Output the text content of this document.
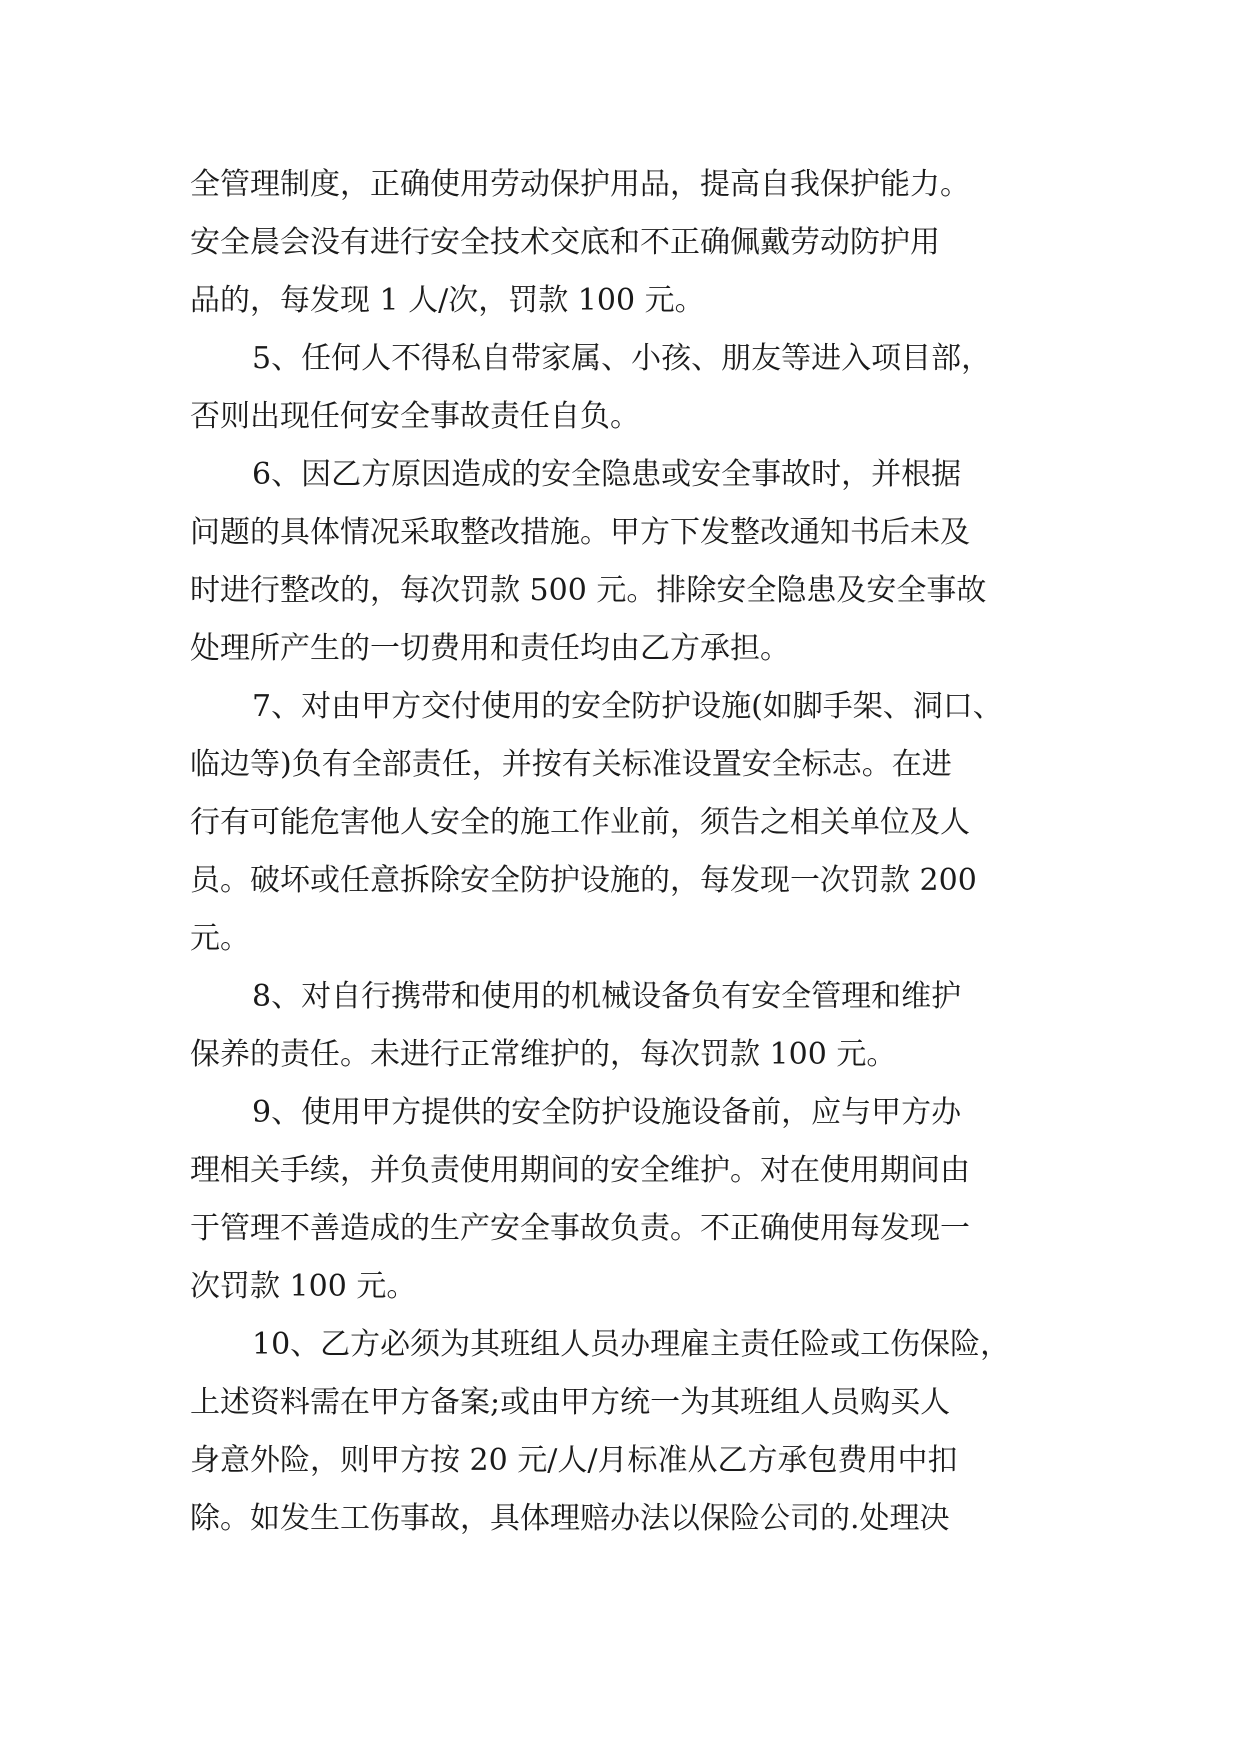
全管理制度，正确使用劳动保护用品，提高自我保护能力。
安全晨会没有进行安全技术交底和不正确佩戴劳动防护用
品的，每发现 1 人/次，罚款 100 元。
5、任何人不得私自带家属、小孩、朋友等进入项目部，
否则出现任何安全事故责任自负。
6、因乙方原因造成的安全隐患或安全事故时，并根据
问题的具体情况采取整改措施。甲方下发整改通知书后未及
时进行整改的，每次罚款 500 元。排除安全隐患及安全事故
处理所产生的一切费用和责任均由乙方承担。
7、对由甲方交付使用的安全防护设施(如脚手架、洞口、
临边等)负有全部责任，并按有关标准设置安全标志。在进
行有可能危害他人安全的施工作业前，须告之相关单位及人
员。破坏或任意拆除安全防护设施的，每发现一次罚款 200
元。
8、对自行携带和使用的机械设备负有安全管理和维护
保养的责任。未进行正常维护的，每次罚款 100 元。
9、使用甲方提供的安全防护设施设备前，应与甲方办
理相关手续，并负责使用期间的安全维护。对在使用期间由
于管理不善造成的生产安全事故负责。不正确使用每发现一
次罚款 100 元。
10、乙方必须为其班组人员办理雇主责任险或工伤保险，
上述资料需在甲方备案;或由甲方统一为其班组人员购买人
身意外险，则甲方按 20 元/人/月标准从乙方承包费用中扣
除。如发生工伤事故，具体理赔办法以保险公司的.处理决
